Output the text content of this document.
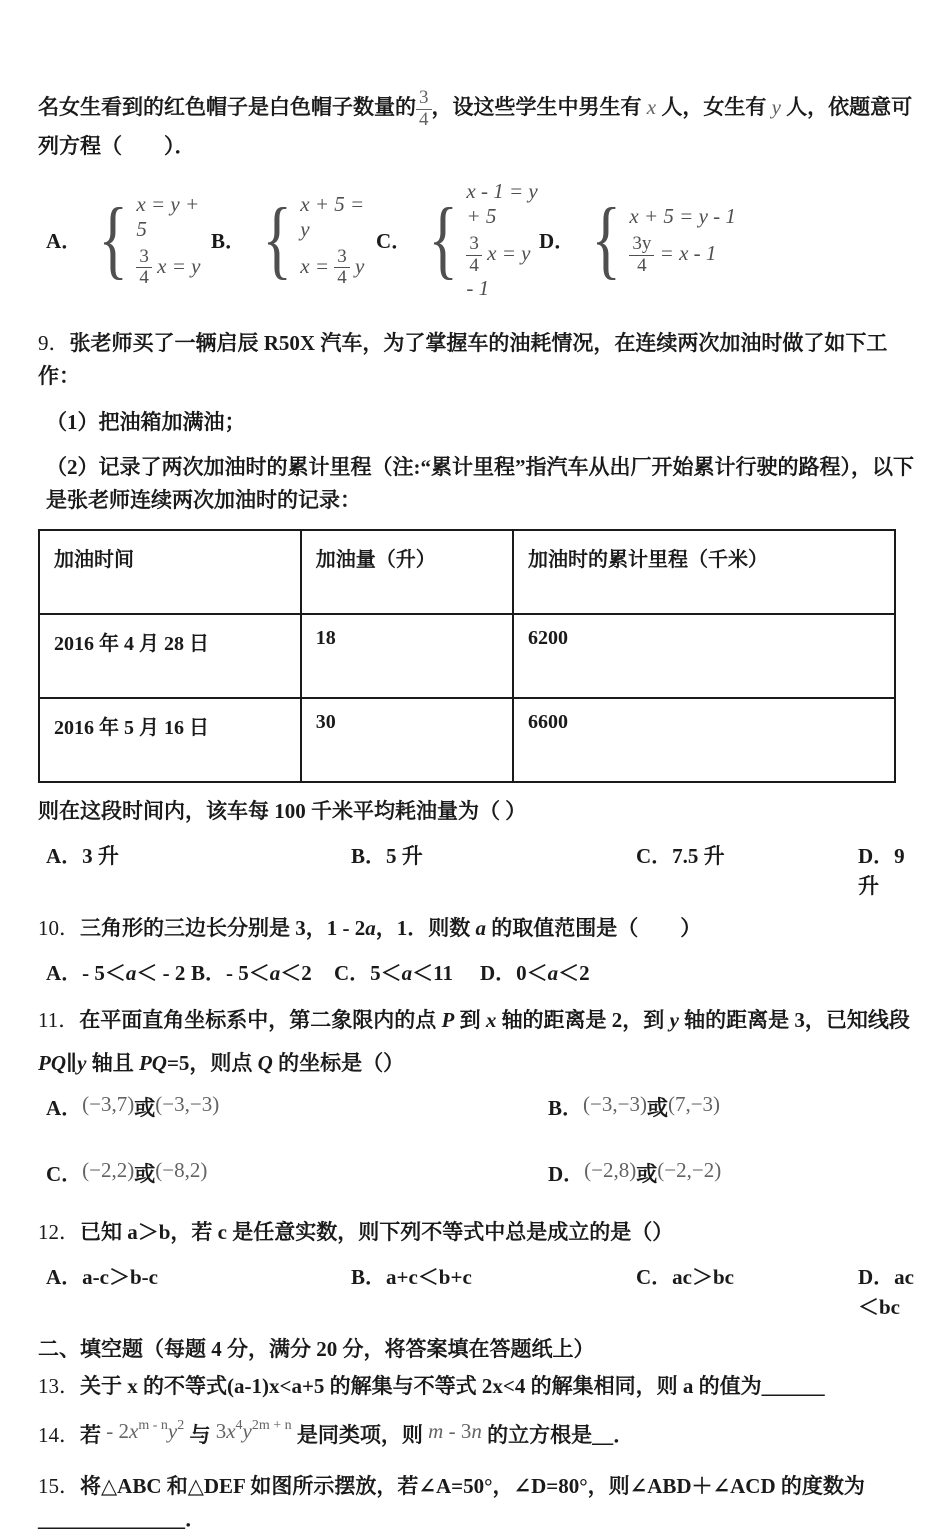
名女生看到的红色帽子是白色帽子数量的 $\frac{3}{4}$ ，设这些学生中男生有 x 人，女生有 y 人，依题意可列方程（　　）．

A． { x = y + 5
$\frac{3}{4}$ x = y
B． { x + 5 = y
$x = \frac{3}{4}$ y
C． { x - 1 = y + 5
$\frac{3}{4}$ x = y - 1
D． { x + 5 = y - 1
$\frac{3y}{4} = x - 1$

9．张老师买了一辆启辰 R50X 汽车，为了掌握车的油耗情况，在连续两次加油时做了如下工作：

（1）把油箱加满油；

（2）记录了两次加油时的累计里程（注:“累计里程”指汽车从出厂开始累计行驶的路程），以下是张老师连续两次加油时的记录：

加油时间	加油量（升）	加油时的累计里程（千米）
2016 年 4 月 28 日	18	6200
2016 年 5 月 16 日	30	6600

则在这段时间内，该车每 100 千米平均耗油量为（ ）

A．3 升	B．5 升	C．7.5 升	D．9 升

10．三角形的三边长分别是 3，1 - 2a，1．则数 a 的取值范围是（　　）

A．- 5＜a＜ - 2 B．- 5＜a＜2	C．5＜a＜11	D．0＜a＜2

11．在平面直角坐标系中，第二象限内的点 P 到 x 轴的距离是 2，到 y 轴的距离是 3，已知线段 PQ∥y 轴且 PQ=5，则点 Q 的坐标是（）

A．(−3,7)或(−3,−3)	B．(−3,−3)或(7,−3)
C．(−2,2)或(−8,2)	D．(−2,8)或(−2,−2)

12．已知 a＞b，若 c 是任意实数，则下列不等式中总是成立的是（）

A．a-c＞b-c	B．a+c＜b+c	C．ac＞bc	D．ac＜bc

二、填空题（每题 4 分，满分 20 分，将答案填在答题纸上）

13．关于 x 的不等式(a-1)x<a+5 的解集与不等式 2x<4 的解集相同，则 a 的值为______

14．若 - $2x^{m - n}y^2$ 与 $3x^4y^{2m + n}$ 是同类项，则 m - 3n 的立方根是__．

15．将△ABC 和△DEF 如图所示摆放，若∠A=50°，∠D=80°，则∠ABD＋∠ACD 的度数为______________．
